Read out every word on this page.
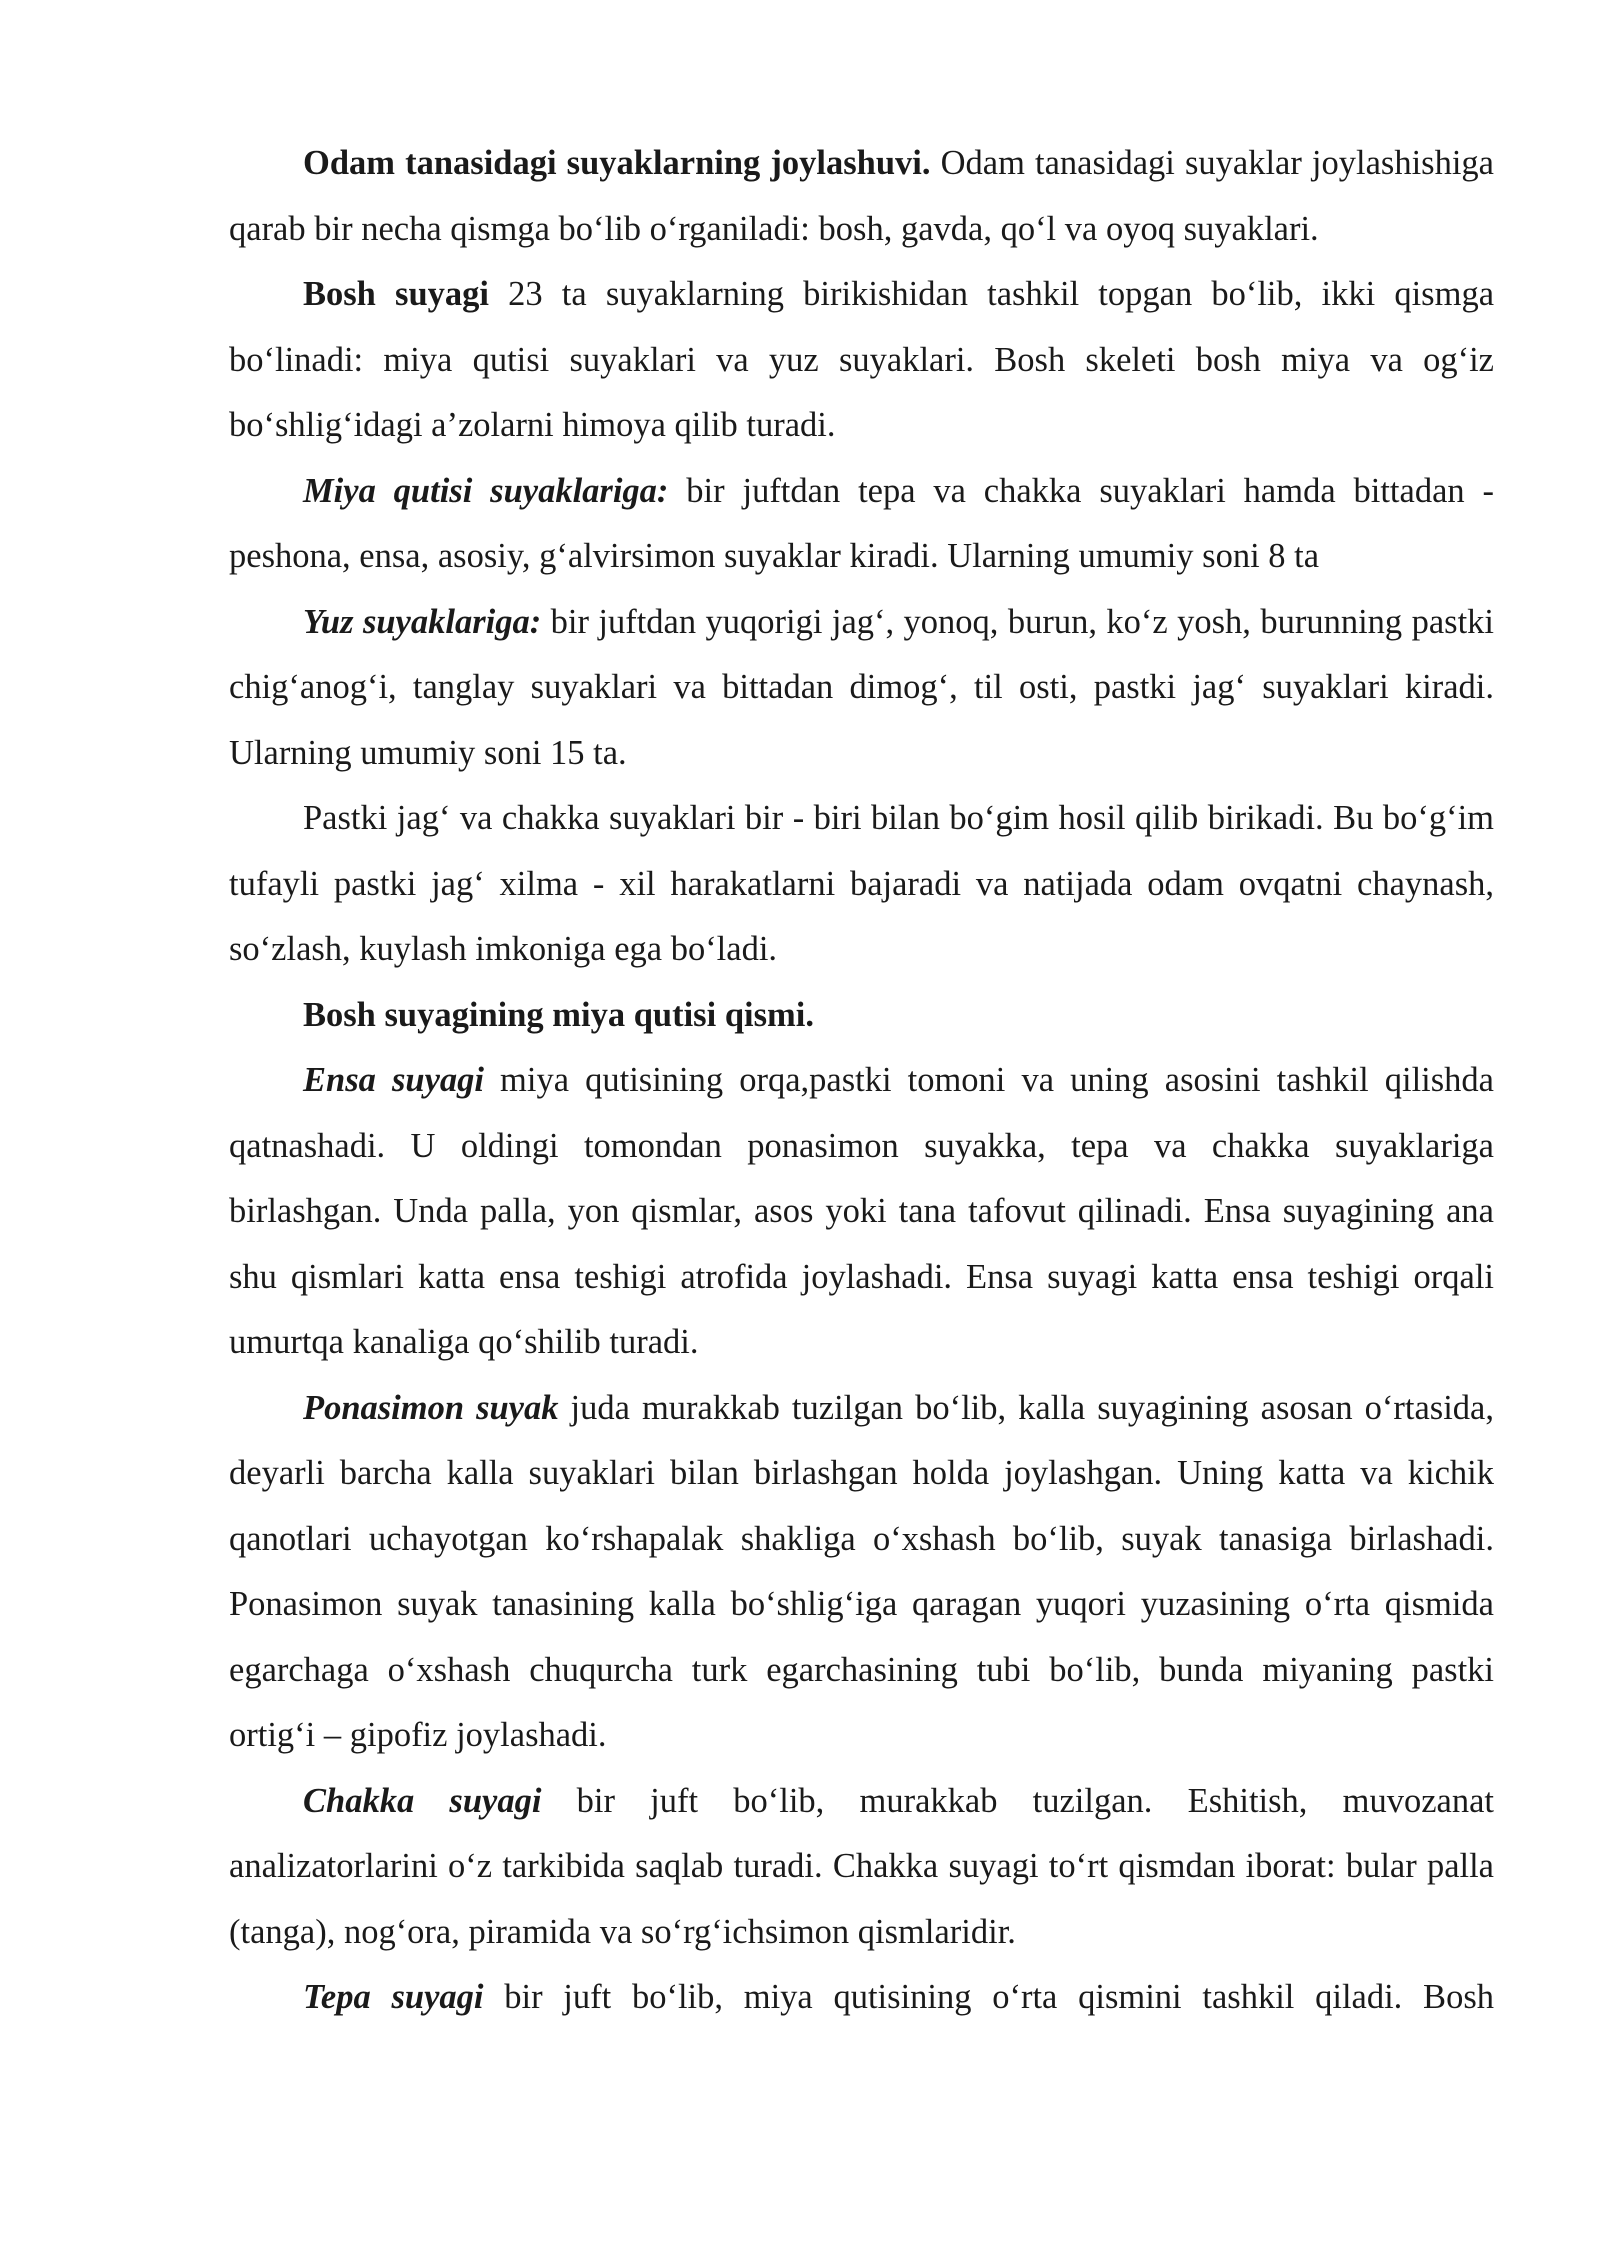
Odam tanasidagi suyaklarning joylashuvi. Odam tanasidagi suyaklar joylashishiga qarab bir necha qismga bo‘lib o‘rganiladi: bosh, gavda, qo‘l va oyoq suyaklari.

Bosh suyagi 23 ta suyaklarning birikishidan tashkil topgan bo‘lib, ikki qismga bo‘linadi: miya qutisi suyaklari va yuz suyaklari. Bosh skeleti bosh miya va og‘iz bo‘shlig‘idagi a’zolarni himoya qilib turadi.

Miya qutisi suyaklariga: bir juftdan tepa va chakka suyaklari hamda bittadan - peshona, ensa, asosiy, g‘alvirsimon suyaklar kiradi. Ularning umumiy soni 8 ta

Yuz suyaklariga: bir juftdan yuqorigi jag‘, yonoq, burun, ko‘z yosh, burunning pastki chig‘anog‘i, tanglay suyaklari va bittadan dimog‘, til osti, pastki jag‘ suyaklari kiradi. Ularning umumiy soni 15 ta.

Pastki jag‘ va chakka suyaklari bir - biri bilan bo‘gim hosil qilib birikadi. Bu bo‘g‘im tufayli pastki jag‘ xilma - xil harakatlarni bajaradi va natijada odam ovqatni chaynash, so‘zlash, kuylash imkoniga ega bo‘ladi.

Bosh suyagining miya qutisi qismi.

Ensa suyagi miya qutisining orqa,pastki tomoni va uning asosini tashkil qilishda qatnashadi. U oldingi tomondan ponasimon suyakka, tepa va chakka suyaklariga birlashgan. Unda palla, yon qismlar, asos yoki tana tafovut qilinadi. Ensa suyagining ana shu qismlari katta ensa teshigi atrofida joylashadi. Ensa suyagi katta ensa teshigi orqali umurtqa kanaliga qo‘shilib turadi.

Ponasimon suyak juda murakkab tuzilgan bo‘lib, kalla suyagining asosan o‘rtasida, deyarli barcha kalla suyaklari bilan birlashgan holda joylashgan. Uning katta va kichik qanotlari uchayotgan ko‘rshapalak shakliga o‘xshash bo‘lib, suyak tanasiga birlashadi. Ponasimon suyak tanasining kalla bo‘shlig‘iga qaragan yuqori yuzasining o‘rta qismida egarchaga o‘xshash chuqurcha turk egarchasining tubi bo‘lib, bunda miyaning pastki ortig‘i – gipofiz joylashadi.

Chakka suyagi bir juft bo‘lib, murakkab tuzilgan. Eshitish, muvozanat analizatorlarini o‘z tarkibida saqlab turadi. Chakka suyagi to‘rt qismdan iborat: bular palla (tanga), nog‘ora, piramida va so‘rg‘ichsimon qismlaridir.

Tepa suyagi bir juft bo‘lib, miya qutisining o‘rta qismini tashkil qiladi. Bosh
